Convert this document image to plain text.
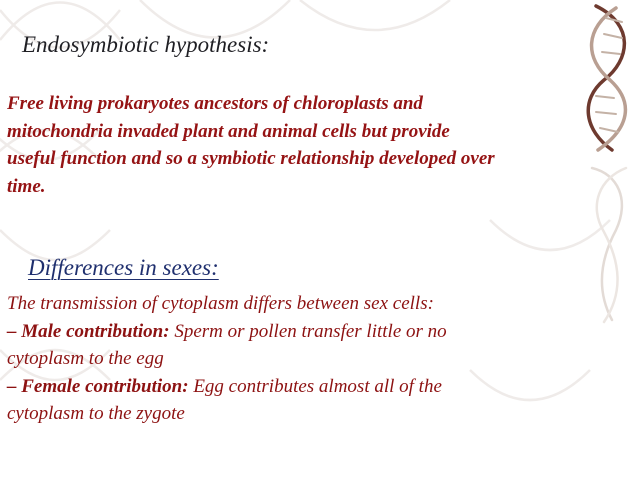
Endosymbiotic hypothesis:

Free living prokaryotes ancestors of chloroplasts and
mitochondria invaded plant and animal cells but provide
useful function and so a symbiotic relationship developed over
time.

Differences in sexes:

The transmission of cytoplasm differs between sex cells:
– Male contribution: Sperm or pollen transfer little or no
cytoplasm to the egg
– Female contribution: Egg contributes almost all of the
cytoplasm to the zygote
